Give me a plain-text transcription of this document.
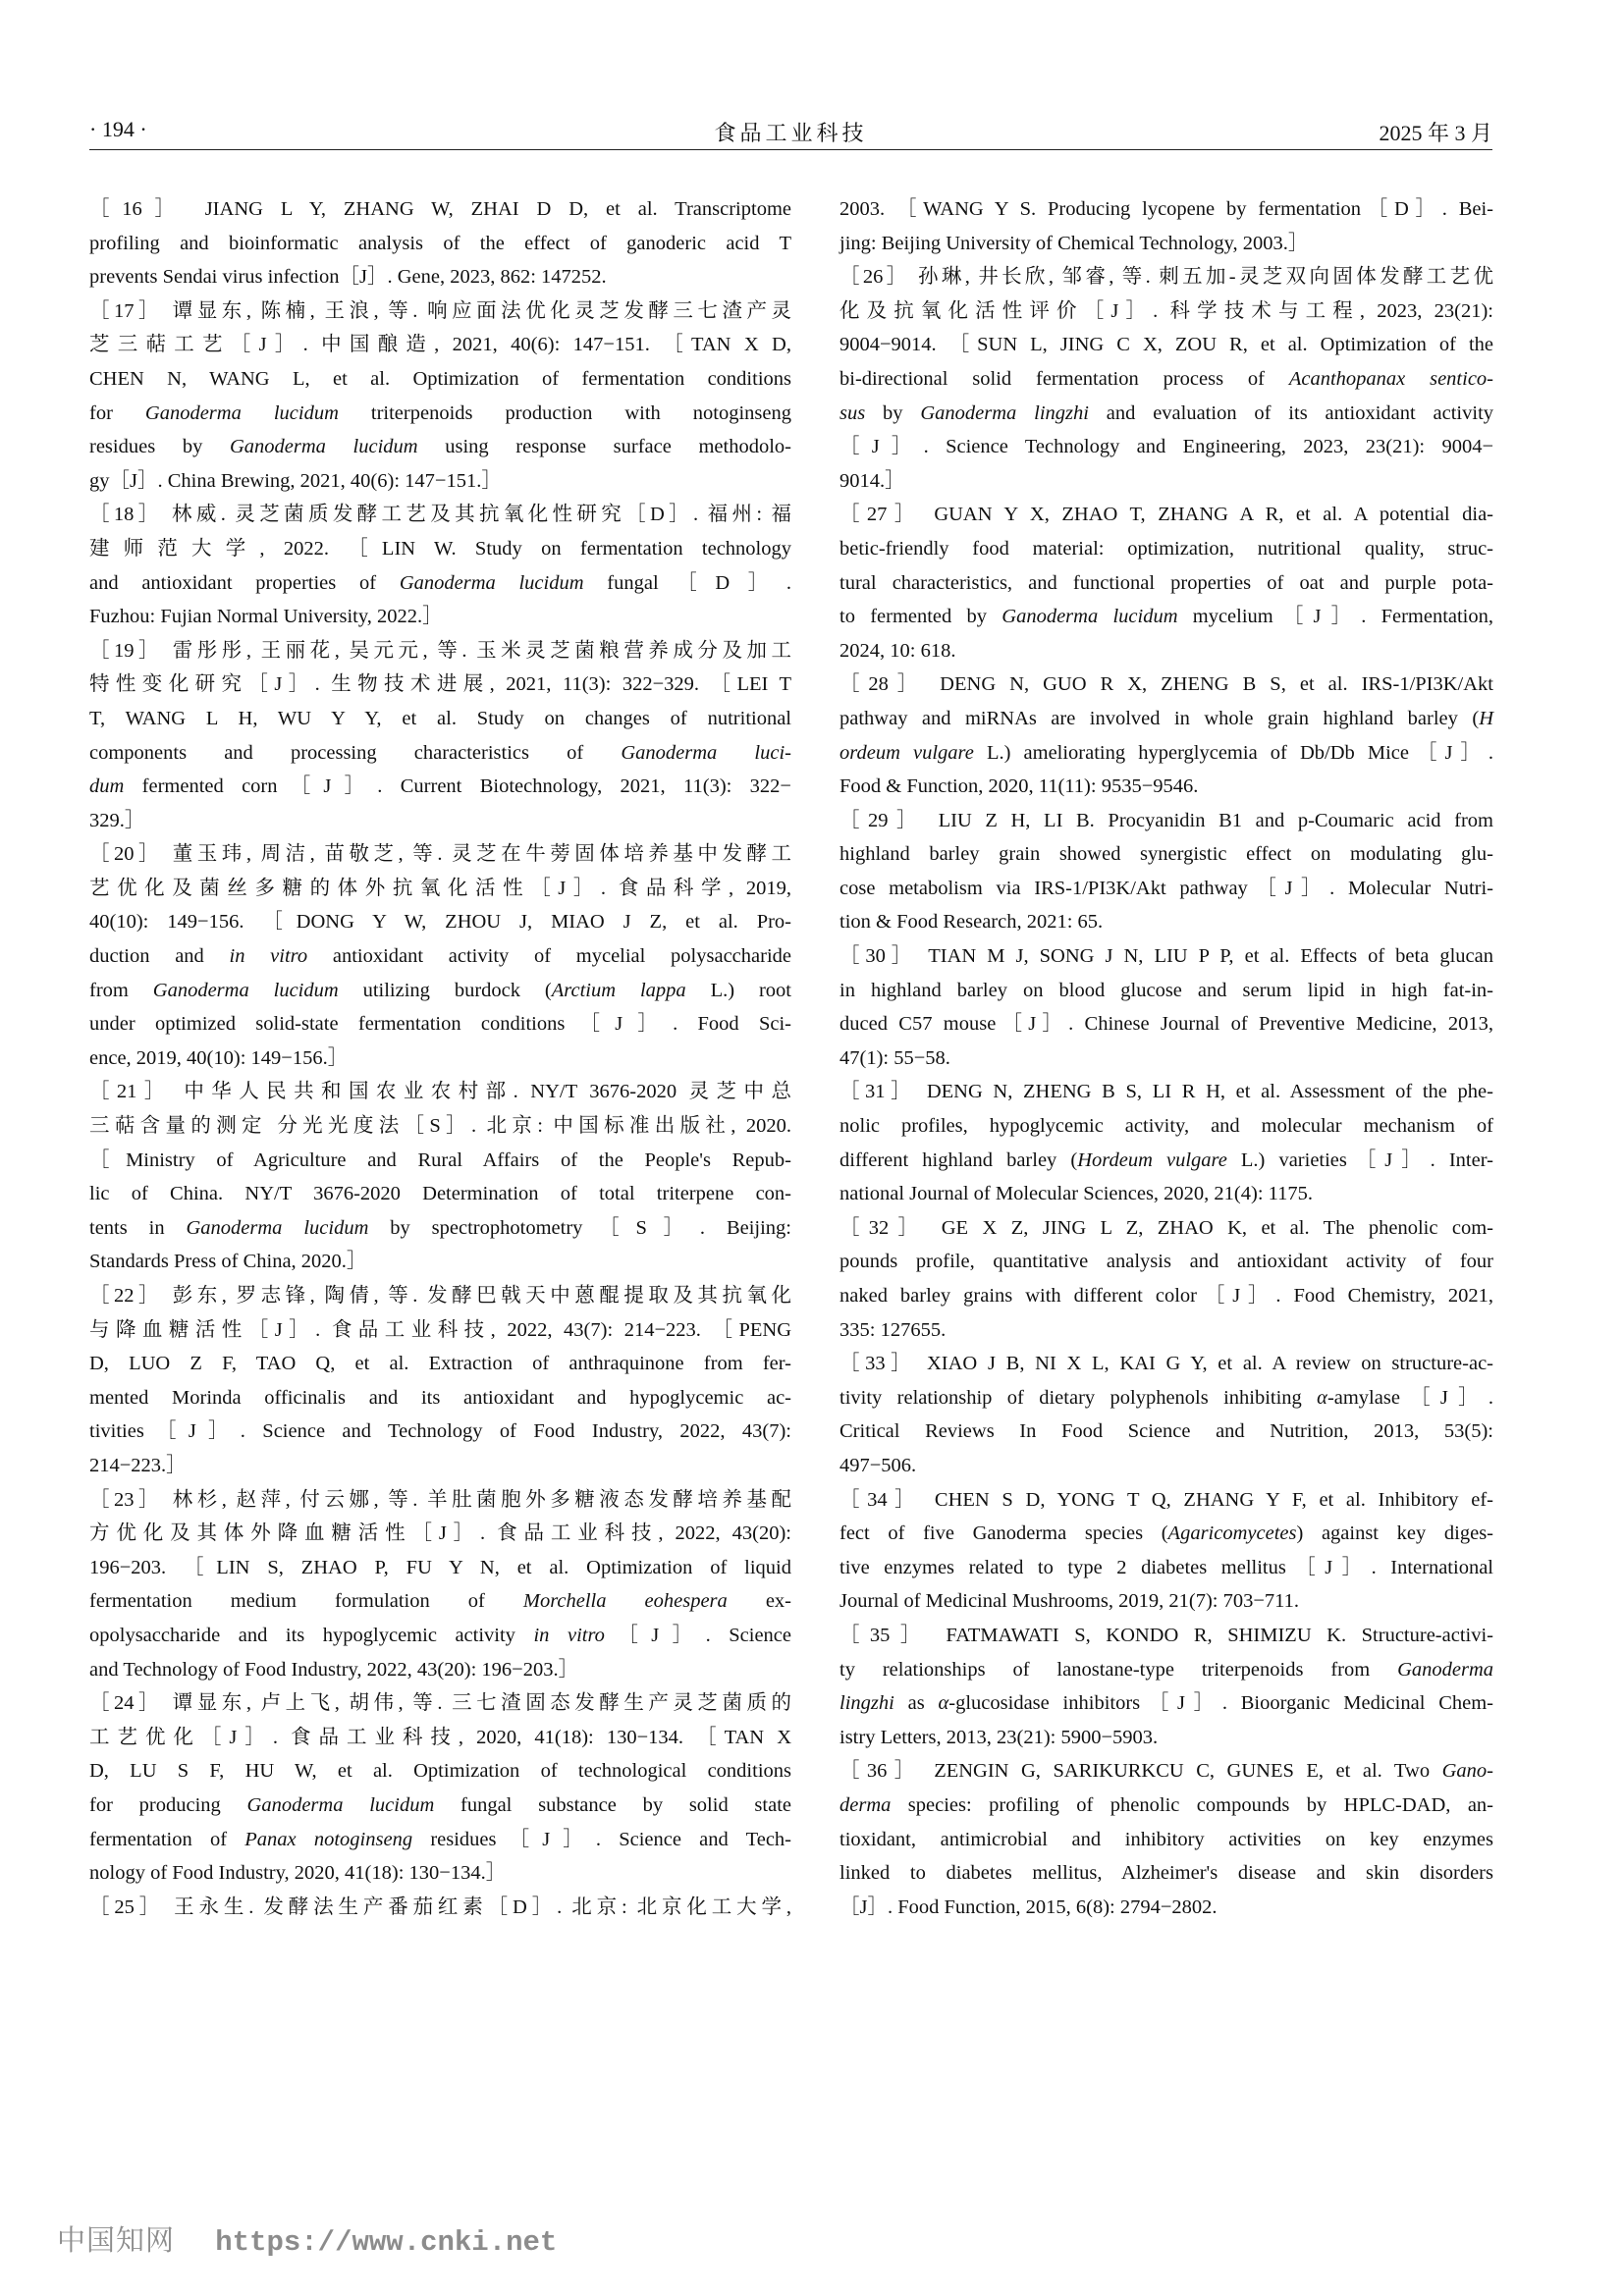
· 194 ·	食品工业科技	2025 年 3 月
［16］ JIANG L Y, ZHANG W, ZHAI D D, et al. Transcriptome
profiling and bioinformatic analysis of the effect of ganoderic acid T
prevents Sendai virus infection［J］. Gene, 2023, 862: 147252.
［17］ 谭显东, 陈楠, 王浪, 等. 响应面法优化灵芝发酵三七渣产灵
芝三萜工艺［J］. 中国酿造, 2021, 40(6): 147−151. ［TAN X D,
CHEN N, WANG L, et al. Optimization of fermentation conditions
for Ganoderma lucidum triterpenoids production with notoginseng
residues by Ganoderma lucidum using response surface methodolo-
gy［J］. China Brewing, 2021, 40(6): 147−151.］
［18］ 林威. 灵芝菌质发酵工艺及其抗氧化性研究［D］. 福州: 福
建师范大学, 2022. ［LIN W. Study on fermentation technology
and antioxidant properties of Ganoderma lucidum fungal［D］.
Fuzhou: Fujian Normal University, 2022.］
［19］ 雷彤彤, 王丽花, 吴元元, 等. 玉米灵芝菌粮营养成分及加工
特性变化研究［J］. 生物技术进展, 2021, 11(3): 322−329. ［LEI T
T, WANG L H, WU Y Y, et al. Study on changes of nutritional
components and processing characteristics of Ganoderma luci-
dum fermented corn［J］. Current Biotechnology, 2021, 11(3): 322−
329.］
［20］ 董玉玮, 周洁, 苗敬芝, 等. 灵芝在牛蒡固体培养基中发酵工
艺优化及菌丝多糖的体外抗氧化活性［J］. 食品科学, 2019,
40(10): 149−156. ［DONG Y W, ZHOU J, MIAO J Z, et al. Pro-
duction and in vitro antioxidant activity of mycelial polysaccharide
from Ganoderma lucidum utilizing burdock (Arctium lappa L.) root
under optimized solid-state fermentation conditions［J］. Food Sci-
ence, 2019, 40(10): 149−156.］
［21］ 中华人民共和国农业农村部. NY/T 3676-2020 灵芝中总
三萜含量的测定 分光光度法［S］. 北京: 中国标准出版社, 2020.
［Ministry of Agriculture and Rural Affairs of the People's Repub-
lic of China. NY/T 3676-2020 Determination of total triterpene con-
tents in Ganoderma lucidum by spectrophotometry［S］. Beijing:
Standards Press of China, 2020.］
［22］ 彭东, 罗志锋, 陶倩, 等. 发酵巴戟天中蒽醌提取及其抗氧化
与降血糖活性［J］. 食品工业科技, 2022, 43(7): 214−223. ［PENG
D, LUO Z F, TAO Q, et al. Extraction of anthraquinone from fer-
mented Morinda officinalis and its antioxidant and hypoglycemic ac-
tivities［J］. Science and Technology of Food Industry, 2022, 43(7):
214−223.］
［23］ 林杉, 赵萍, 付云娜, 等. 羊肚菌胞外多糖液态发酵培养基配
方优化及其体外降血糖活性［J］. 食品工业科技, 2022, 43(20):
196−203. ［LIN S, ZHAO P, FU Y N, et al. Optimization of liquid
fermentation medium formulation of Morchella eohespera ex-
opolysaccharide and its hypoglycemic activity in vitro［J］. Science
and Technology of Food Industry, 2022, 43(20): 196−203.］
［24］ 谭显东, 卢上飞, 胡伟, 等. 三七渣固态发酵生产灵芝菌质的
工艺优化［J］. 食品工业科技, 2020, 41(18): 130−134. ［TAN X
D, LU S F, HU W, et al. Optimization of technological conditions
for producing Ganoderma lucidum fungal substance by solid state
fermentation of Panax notoginseng residues［J］. Science and Tech-
nology of Food Industry, 2020, 41(18): 130−134.］
［25］ 王永生. 发酵法生产番茄红素［D］. 北京: 北京化工大学,
2003. ［WANG Y S. Producing lycopene by fermentation［D］. Bei-
jing: Beijing University of Chemical Technology, 2003.］
［26］ 孙琳, 井长欣, 邹睿, 等. 刺五加-灵芝双向固体发酵工艺优
化及抗氧化活性评价［J］. 科学技术与工程, 2023, 23(21):
9004−9014. ［SUN L, JING C X, ZOU R, et al. Optimization of the
bi-directional solid fermentation process of Acanthopanax sentico-
sus by Ganoderma lingzhi and evaluation of its antioxidant activity
［J］. Science Technology and Engineering, 2023, 23(21): 9004−
9014.］
［27］ GUAN Y X, ZHAO T, ZHANG A R, et al. A potential dia-
betic-friendly food material: optimization, nutritional quality, struc-
tural characteristics, and functional properties of oat and purple pota-
to fermented by Ganoderma lucidum mycelium［J］. Fermentation,
2024, 10: 618.
［28］ DENG N, GUO R X, ZHENG B S, et al. IRS-1/PI3K/Akt
pathway and miRNAs are involved in whole grain highland barley (H
ordeum vulgare L.) ameliorating hyperglycemia of Db/Db Mice［J］.
Food & Function, 2020, 11(11): 9535−9546.
［29］ LIU Z H, LI B. Procyanidin B1 and p-Coumaric acid from
highland barley grain showed synergistic effect on modulating glu-
cose metabolism via IRS-1/PI3K/Akt pathway［J］. Molecular Nutri-
tion & Food Research, 2021: 65.
［30］ TIAN M J, SONG J N, LIU P P, et al. Effects of beta glucan
in highland barley on blood glucose and serum lipid in high fat-in-
duced C57 mouse［J］. Chinese Journal of Preventive Medicine, 2013,
47(1): 55−58.
［31］ DENG N, ZHENG B S, LI R H, et al. Assessment of the phe-
nolic profiles, hypoglycemic activity, and molecular mechanism of
different highland barley (Hordeum vulgare L.) varieties［J］. Inter-
national Journal of Molecular Sciences, 2020, 21(4): 1175.
［32］ GE X Z, JING L Z, ZHAO K, et al. The phenolic com-
pounds profile, quantitative analysis and antioxidant activity of four
naked barley grains with different color［J］. Food Chemistry, 2021,
335: 127655.
［33］ XIAO J B, NI X L, KAI G Y, et al. A review on structure-ac-
tivity relationship of dietary polyphenols inhibiting α-amylase［J］.
Critical Reviews In Food Science and Nutrition, 2013, 53(5):
497−506.
［34］ CHEN S D, YONG T Q, ZHANG Y F, et al. Inhibitory ef-
fect of five Ganoderma species (Agaricomycetes) against key diges-
tive enzymes related to type 2 diabetes mellitus［J］. International
Journal of Medicinal Mushrooms, 2019, 21(7): 703−711.
［35］ FATMAWATI S, KONDO R, SHIMIZU K. Structure-activi-
ty relationships of lanostane-type triterpenoids from Ganoderma
lingzhi as α-glucosidase inhibitors［J］. Bioorganic Medicinal Chem-
istry Letters, 2013, 23(21): 5900−5903.
［36］ ZENGIN G, SARIKURKCU C, GUNES E, et al. Two Gano-
derma species: profiling of phenolic compounds by HPLC-DAD, an-
tioxidant, antimicrobial and inhibitory activities on key enzymes
linked to diabetes mellitus, Alzheimer's disease and skin disorders
［J］. Food Function, 2015, 6(8): 2794−2802.
中国知网 https://www.cnki.net
